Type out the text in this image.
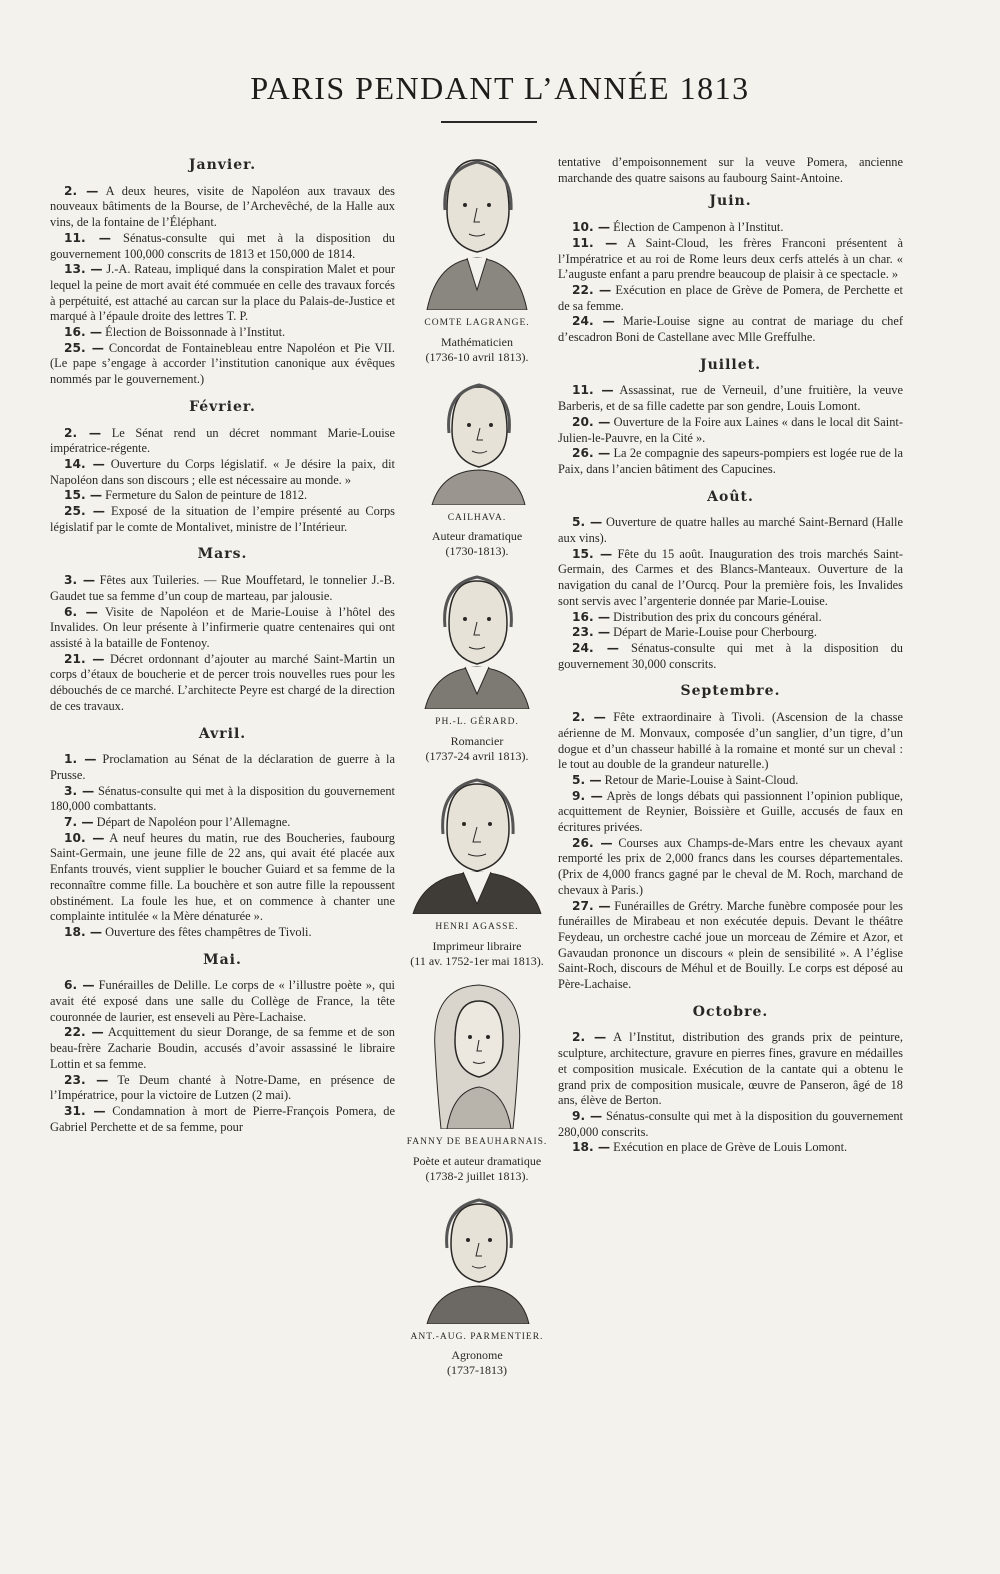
PARIS PENDANT L’ANNÉE 1813
Janvier.

2. — A deux heures, visite de Napoléon aux travaux des nouveaux bâtiments de la Bourse, de l’Archevêché, de la Halle aux vins, de la fontaine de l’Éléphant.

11. — Sénatus-consulte qui met à la disposition du gouvernement 100,000 conscrits de 1813 et 150,000 de 1814.

13. — J.-A. Rateau, impliqué dans la conspiration Malet et pour lequel la peine de mort avait été commuée en celle des travaux forcés à perpétuité, est attaché au carcan sur la place du Palais-de-Justice et marqué à l’épaule droite des lettres T. P.

16. — Élection de Boissonnade à l’Institut.

25. — Concordat de Fontainebleau entre Napoléon et Pie VII. (Le pape s’engage à accorder l’institution canonique aux évêques nommés par le gouvernement.)

Février.

2. — Le Sénat rend un décret nommant Marie-Louise impératrice-régente.

14. — Ouverture du Corps législatif. « Je désire la paix, dit Napoléon dans son discours ; elle est nécessaire au monde. »

15. — Fermeture du Salon de peinture de 1812.

25. — Exposé de la situation de l’empire présenté au Corps législatif par le comte de Montalivet, ministre de l’Intérieur.

Mars.

3. — Fêtes aux Tuileries. — Rue Mouffetard, le tonnelier J.-B. Gaudet tue sa femme d’un coup de marteau, par jalousie.

6. — Visite de Napoléon et de Marie-Louise à l’hôtel des Invalides. On leur présente à l’infirmerie quatre centenaires qui ont assisté à la bataille de Fontenoy.

21. — Décret ordonnant d’ajouter au marché Saint-Martin un corps d’étaux de boucherie et de percer trois nouvelles rues pour les débouchés de ce marché. L’architecte Peyre est chargé de la direction de ces travaux.

Avril.

1. — Proclamation au Sénat de la déclaration de guerre à la Prusse.

3. — Sénatus-consulte qui met à la disposition du gouvernement 180,000 combattants.

7. — Départ de Napoléon pour l’Allemagne.

10. — A neuf heures du matin, rue des Boucheries, faubourg Saint-Germain, une jeune fille de 22 ans, qui avait été placée aux Enfants trouvés, vient supplier le boucher Guiard et sa femme de la reconnaître comme fille. La bouchère et son autre fille la repoussent obstinément. La foule les hue, et on commence à chanter une complainte intitulée « la Mère dénaturée ».

18. — Ouverture des fêtes champêtres de Tivoli.

Mai.

6. — Funérailles de Delille. Le corps de « l’illustre poète », qui avait été exposé dans une salle du Collège de France, la tête couronnée de laurier, est enseveli au Père-Lachaise.

22. — Acquittement du sieur Dorange, de sa femme et de son beau-frère Zacharie Boudin, accusés d’avoir assassiné le libraire Lottin et sa femme.

23. — Te Deum chanté à Notre-Dame, en présence de l’Impératrice, pour la victoire de Lutzen (2 mai).

31. — Condamnation à mort de Pierre-François Pomera, de Gabriel Perchette et de sa femme, pour

COMTE LAGRANGE.
Mathématicien
(1736-10 avril 1813).
CAILHAVA.
Auteur dramatique
(1730-1813).
PH.-L. GÉRARD.
Romancier
(1737-24 avril 1813).
HENRI AGASSE.
Imprimeur libraire
(11 av. 1752-1er mai 1813).
FANNY DE BEAUHARNAIS.
Poète et auteur dramatique
(1738-2 juillet 1813).
ANT.-AUG. PARMENTIER.
Agronome
(1737-1813)

tentative d’empoisonnement sur la veuve Pomera, ancienne marchande des quatre saisons au faubourg Saint-Antoine.

Juin.

10. — Élection de Campenon à l’Institut.

11. — A Saint-Cloud, les frères Franconi présentent à l’Impératrice et au roi de Rome leurs deux cerfs attelés à un char. « L’auguste enfant a paru prendre beaucoup de plaisir à ce spectacle. »

22. — Exécution en place de Grève de Pomera, de Perchette et de sa femme.

24. — Marie-Louise signe au contrat de mariage du chef d’escadron Boni de Castellane avec Mlle Greffulhe.

Juillet.

11. — Assassinat, rue de Verneuil, d’une fruitière, la veuve Barberis, et de sa fille cadette par son gendre, Louis Lomont.

20. — Ouverture de la Foire aux Laines « dans le local dit Saint-Julien-le-Pauvre, en la Cité ».

26. — La 2e compagnie des sapeurs-pompiers est logée rue de la Paix, dans l’ancien bâtiment des Capucines.

Août.

5. — Ouverture de quatre halles au marché Saint-Bernard (Halle aux vins).

15. — Fête du 15 août. Inauguration des trois marchés Saint-Germain, des Carmes et des Blancs-Manteaux. Ouverture de la navigation du canal de l’Ourcq. Pour la première fois, les Invalides sont servis avec l’argenterie donnée par Marie-Louise.

16. — Distribution des prix du concours général.

23. — Départ de Marie-Louise pour Cherbourg.

24. — Sénatus-consulte qui met à la disposition du gouvernement 30,000 conscrits.

Septembre.

2. — Fête extraordinaire à Tivoli. (Ascension de la chasse aérienne de M. Monvaux, composée d’un sanglier, d’un tigre, d’un dogue et d’un chasseur habillé à la romaine et monté sur un cheval : le tout au double de la grandeur naturelle.)

5. — Retour de Marie-Louise à Saint-Cloud.

9. — Après de longs débats qui passionnent l’opinion publique, acquittement de Reynier, Boissière et Guille, accusés de faux en écritures privées.

26. — Courses aux Champs-de-Mars entre les chevaux ayant remporté les prix de 2,000 francs dans les courses départementales. (Prix de 4,000 francs gagné par le cheval de M. Roch, marchand de chevaux à Paris.)

27. — Funérailles de Grétry. Marche funèbre composée pour les funérailles de Mirabeau et non exécutée depuis. Devant le théâtre Feydeau, un orchestre caché joue un morceau de Zémire et Azor, et Gavaudan prononce un discours « plein de sensibilité ». A l’église Saint-Roch, discours de Méhul et de Bouilly. Le corps est déposé au Père-Lachaise.

Octobre.

2. — A l’Institut, distribution des grands prix de peinture, sculpture, architecture, gravure en pierres fines, gravure en médailles et composition musicale. Exécution de la cantate qui a obtenu le grand prix de composition musicale, œuvre de Panseron, âgé de 18 ans, élève de Berton.

9. — Sénatus-consulte qui met à la disposition du gouvernement 280,000 conscrits.

18. — Exécution en place de Grève de Louis Lomont.
